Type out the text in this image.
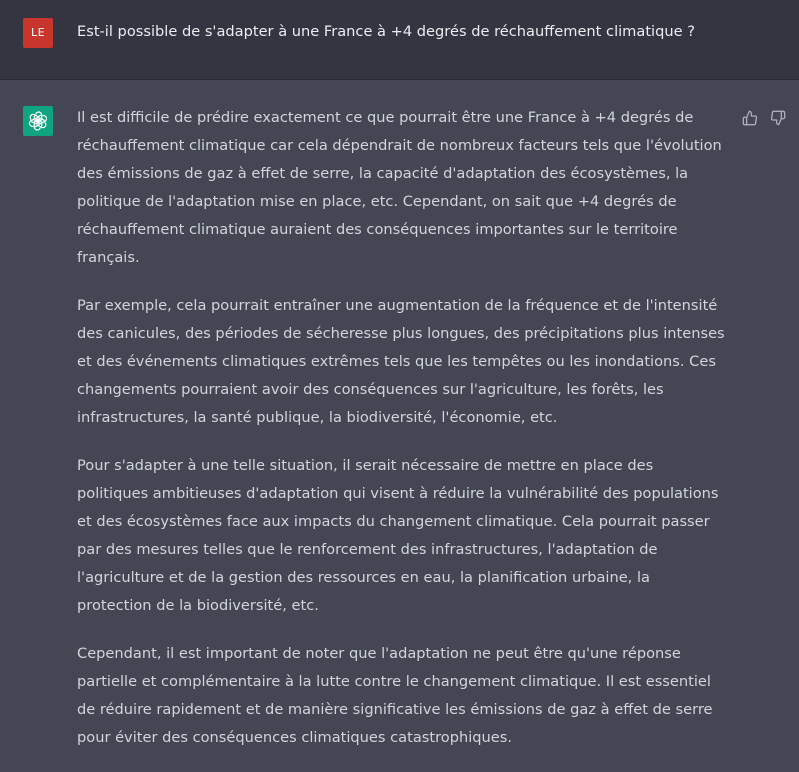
LE	Est-il possible de s'adapter à une France à +4 degrés de réchauffement climatique ?

Il est difficile de prédire exactement ce que pourrait être une France à +4 degrés de réchauffement climatique car cela dépendrait de nombreux facteurs tels que l'évolution des émissions de gaz à effet de serre, la capacité d'adaptation des écosystèmes, la politique de l'adaptation mise en place, etc. Cependant, on sait que +4 degrés de réchauffement climatique auraient des conséquences importantes sur le territoire français.

Par exemple, cela pourrait entraîner une augmentation de la fréquence et de l'intensité des canicules, des périodes de sécheresse plus longues, des précipitations plus intenses et des événements climatiques extrêmes tels que les tempêtes ou les inondations. Ces changements pourraient avoir des conséquences sur l'agriculture, les forêts, les infrastructures, la santé publique, la biodiversité, l'économie, etc.

Pour s'adapter à une telle situation, il serait nécessaire de mettre en place des politiques ambitieuses d'adaptation qui visent à réduire la vulnérabilité des populations et des écosystèmes face aux impacts du changement climatique. Cela pourrait passer par des mesures telles que le renforcement des infrastructures, l'adaptation de l'agriculture et de la gestion des ressources en eau, la planification urbaine, la protection de la biodiversité, etc.

Cependant, il est important de noter que l'adaptation ne peut être qu'une réponse partielle et complémentaire à la lutte contre le changement climatique. Il est essentiel de réduire rapidement et de manière significative les émissions de gaz à effet de serre pour éviter des conséquences climatiques catastrophiques.
